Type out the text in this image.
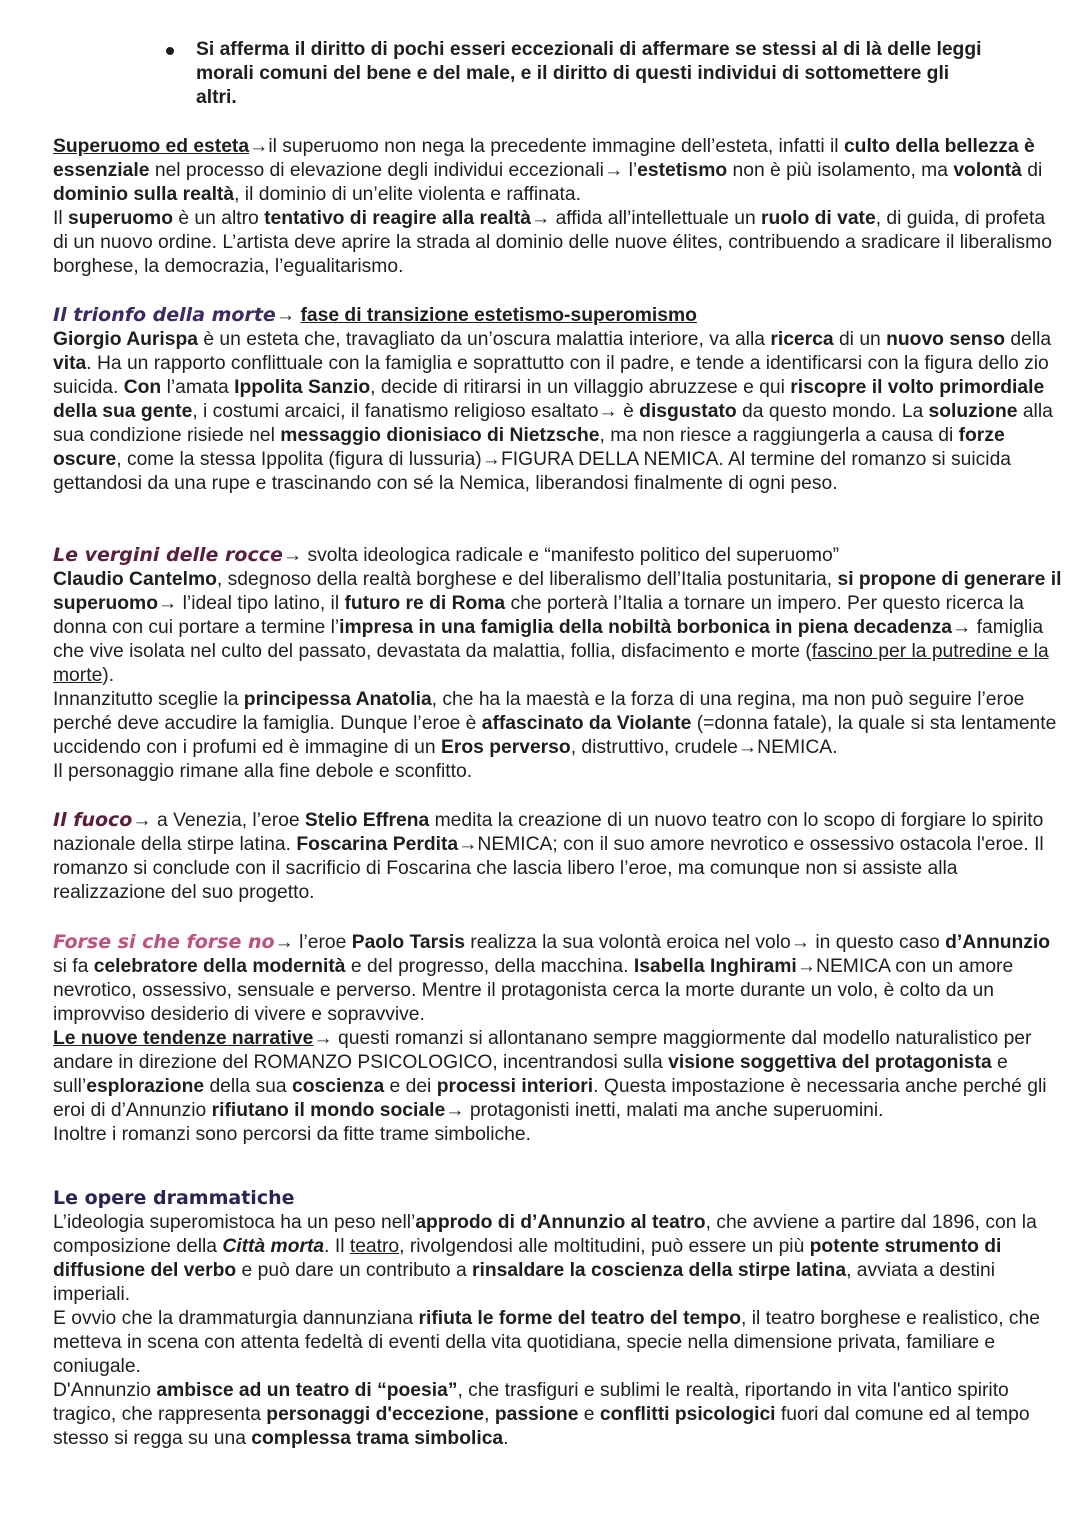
Si afferma il diritto di pochi esseri eccezionali di affermare se stessi al di là delle leggi
morali comuni del bene e del male, e il diritto di questi individui di sottomettere gli
altri.

Superuomo ed esteta→il superuomo non nega la precedente immagine dell’esteta, infatti il culto della bellezza è essenziale nel processo di elevazione degli individui eccezionali→ l’estetismo non è più isolamento, ma volontà di dominio sulla realtà, il dominio di un’elite violenta e raffinata.

Il superuomo è un altro tentativo di reagire alla realtà→ affida all’intellettuale un ruolo di vate, di guida, di profeta di un nuovo ordine. L’artista deve aprire la strada al dominio delle nuove élites, contribuendo a sradicare il liberalismo borghese, la democrazia, l’egualitarismo.

Il trionfo della morte→ fase di transizione estetismo-superomismo
Giorgio Aurispa è un esteta che, travagliato da un’oscura malattia interiore, va alla ricerca di un nuovo senso della vita. Ha un rapporto conflittuale con la famiglia e soprattutto con il padre, e tende a identificarsi con la figura dello zio suicida. Con l’amata Ippolita Sanzio, decide di ritirarsi in un villaggio abruzzese e qui riscopre il volto primordiale della sua gente, i costumi arcaici, il fanatismo religioso esaltato→ è disgustato da questo mondo. La soluzione alla sua condizione risiede nel messaggio dionisiaco di Nietzsche, ma non riesce a raggiungerla a causa di forze oscure, come la stessa Ippolita (figura di lussuria)→FIGURA DELLA NEMICA. Al termine del romanzo si suicida gettandosi da una rupe e trascinando con sé la Nemica, liberandosi finalmente di ogni peso.

Le vergini delle rocce→ svolta ideologica radicale e “manifesto politico del superuomo”
Claudio Cantelmo, sdegnoso della realtà borghese e del liberalismo dell’Italia postunitaria, si propone di generare il superuomo→ l’ideal tipo latino, il futuro re di Roma che porterà l’Italia a tornare un impero. Per questo ricerca la donna con cui portare a termine l’impresa in una famiglia della nobiltà borbonica in piena decadenza→ famiglia che vive isolata nel culto del passato, devastata da malattia, follia, disfacimento e morte (fascino per la putredine e la morte).

Innanzitutto sceglie la principessa Anatolia, che ha la maestà e la forza di una regina, ma non può seguire l’eroe perché deve accudire la famiglia. Dunque l’eroe è affascinato da Violante (=donna fatale), la quale si sta lentamente uccidendo con i profumi ed è immagine di un Eros perverso, distruttivo, crudele→NEMICA.

Il personaggio rimane alla fine debole e sconfitto.

Il fuoco→ a Venezia, l’eroe Stelio Effrena medita la creazione di un nuovo teatro con lo scopo di forgiare lo spirito nazionale della stirpe latina. Foscarina Perdita→NEMICA; con il suo amore nevrotico e ossessivo ostacola l'eroe. Il romanzo si conclude con il sacrificio di Foscarina che lascia libero l’eroe, ma comunque non si assiste alla realizzazione del suo progetto.

Forse si che forse no→ l’eroe Paolo Tarsis realizza la sua volontà eroica nel volo→ in questo caso d’Annunzio si fa celebratore della modernità e del progresso, della macchina. Isabella Inghirami→NEMICA con un amore nevrotico, ossessivo, sensuale e perverso. Mentre il protagonista cerca la morte durante un volo, è colto da un improvviso desiderio di vivere e sopravvive.

Le nuove tendenze narrative→ questi romanzi si allontanano sempre maggiormente dal modello naturalistico per andare in direzione del ROMANZO PSICOLOGICO, incentrandosi sulla visione soggettiva del protagonista e sull’esplorazione della sua coscienza e dei processi interiori. Questa impostazione è necessaria anche perché gli eroi di d’Annunzio rifiutano il mondo sociale→ protagonisti inetti, malati ma anche superuomini.

Inoltre i romanzi sono percorsi da fitte trame simboliche.

Le opere drammatiche

L’ideologia superomistoca ha un peso nell’approdo di d’Annunzio al teatro, che avviene a partire dal 1896, con la composizione della Città morta. Il teatro, rivolgendosi alle moltitudini, può essere un più potente strumento di diffusione del verbo e può dare un contributo a rinsaldare la coscienza della stirpe latina, avviata a destini imperiali.

E ovvio che la drammaturgia dannunziana rifiuta le forme del teatro del tempo, il teatro borghese e realistico, che metteva in scena con attenta fedeltà di eventi della vita quotidiana, specie nella dimensione privata, familiare e coniugale.

D'Annunzio ambisce ad un teatro di “poesia”, che trasfiguri e sublimi le realtà, riportando in vita l'antico spirito tragico, che rappresenta personaggi d'eccezione, passione e conflitti psicologici fuori dal comune ed al tempo stesso si regga su una complessa trama simbolica.
